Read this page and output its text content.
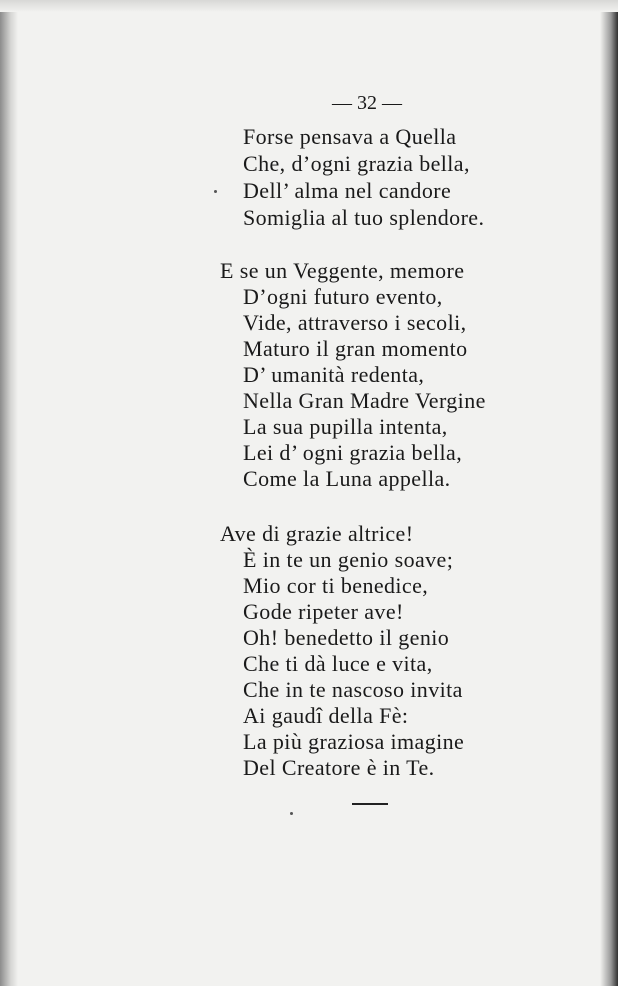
— 32 —
Forse pensava a Quella
Che, d’ogni grazia bella,
Dell’ alma nel candore
Somiglia al tuo splendore.
E se un Veggente, memore
D’ogni futuro evento,
Vide, attraverso i secoli,
Maturo il gran momento
D’ umanità redenta,
Nella Gran Madre Vergine
La sua pupilla intenta,
Lei d’ ogni grazia bella,
Come la Luna appella.
Ave di grazie altrice!
È in te un genio soave;
Mio cor ti benedice,
Gode ripeter ave!
Oh! benedetto il genio
Che ti dà luce e vita,
Che in te nascoso invita
Ai gaudî della Fè:
La più graziosa imagine
Del Creatore è in Te.
